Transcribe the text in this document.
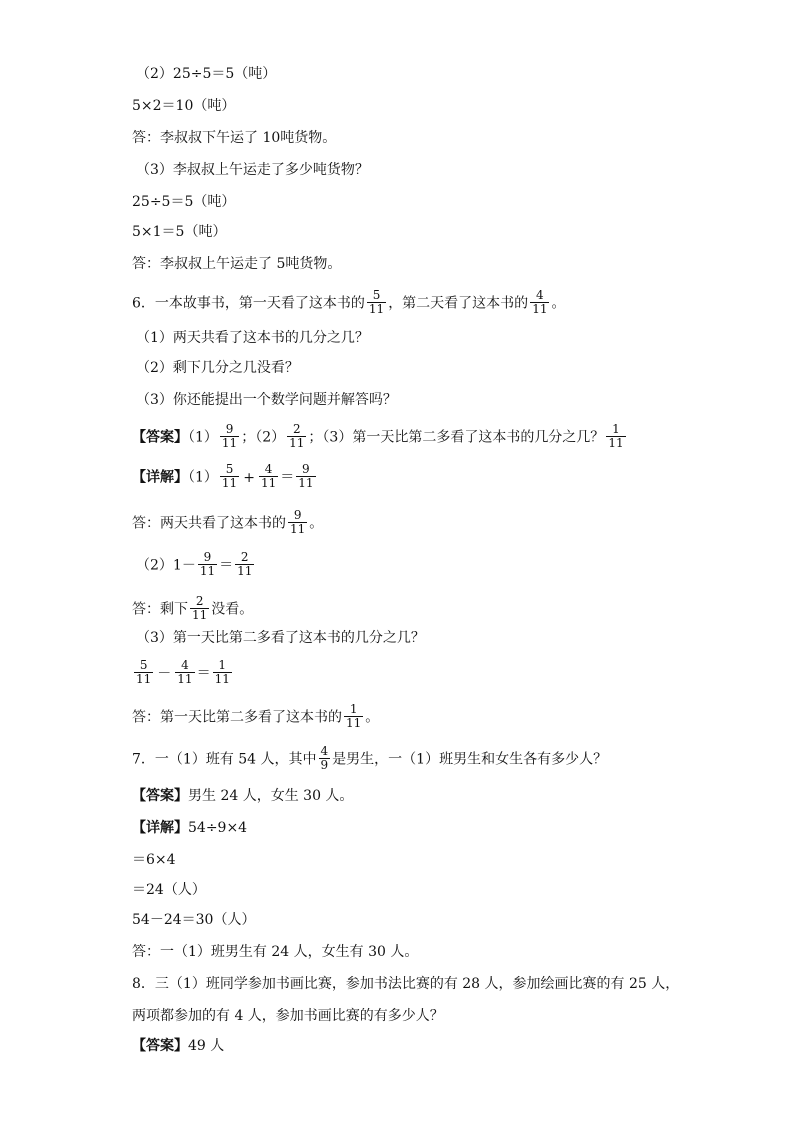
（2）25÷5＝5（吨）
5×2＝10（吨）
答：李叔叔下午运了 10吨货物。
（3）李叔叔上午运走了多少吨货物？
25÷5＝5（吨）
5×1＝5（吨）
答：李叔叔上午运走了 5吨货物。
6．一本故事书，第一天看了这本书的 $\frac{5}{11}$ ，第二天看了这本书的 $\frac{4}{11}$ 。
（1）两天共看了这本书的几分之几？
（2）剩下几分之几没看？
（3）你还能提出一个数学问题并解答吗？
【答案】$(1) \frac{9}{11}$ ；$(2) \frac{2}{11}$ ；（3）第一天比第二多看了这本书的几分之几？ $\frac{1}{11}$
【详解】$(1) \frac{5}{11} + \frac{4}{11} = \frac{9}{11}$
答：两天共看了这本书的 $\frac{9}{11}$ 。
$(2)1- \frac{9}{11} = \frac{2}{11}$
答：剩下 $\frac{2}{11}$ 没看。
（3）第一天比第二多看了这本书的几分之几？
$\frac{5}{11} - \frac{4}{11} = \frac{1}{11}$
答：第一天比第二多看了这本书的 $\frac{1}{11}$ 。
7．一（1）班有 54 人，其中 $\frac{4}{9}$ 是男生，一（1）班男生和女生各有多少人？
【答案】男生 24 人，女生 30 人。
【详解】54÷9×4
＝6×4
＝24（人）
54－24＝30（人）
答：一（1）班男生有 24 人，女生有 30 人。
8．三（1）班同学参加书画比赛，参加书法比赛的有 28 人，参加绘画比赛的有 25 人，
两项都参加的有 4 人，参加书画比赛的有多少人？
【答案】49 人
